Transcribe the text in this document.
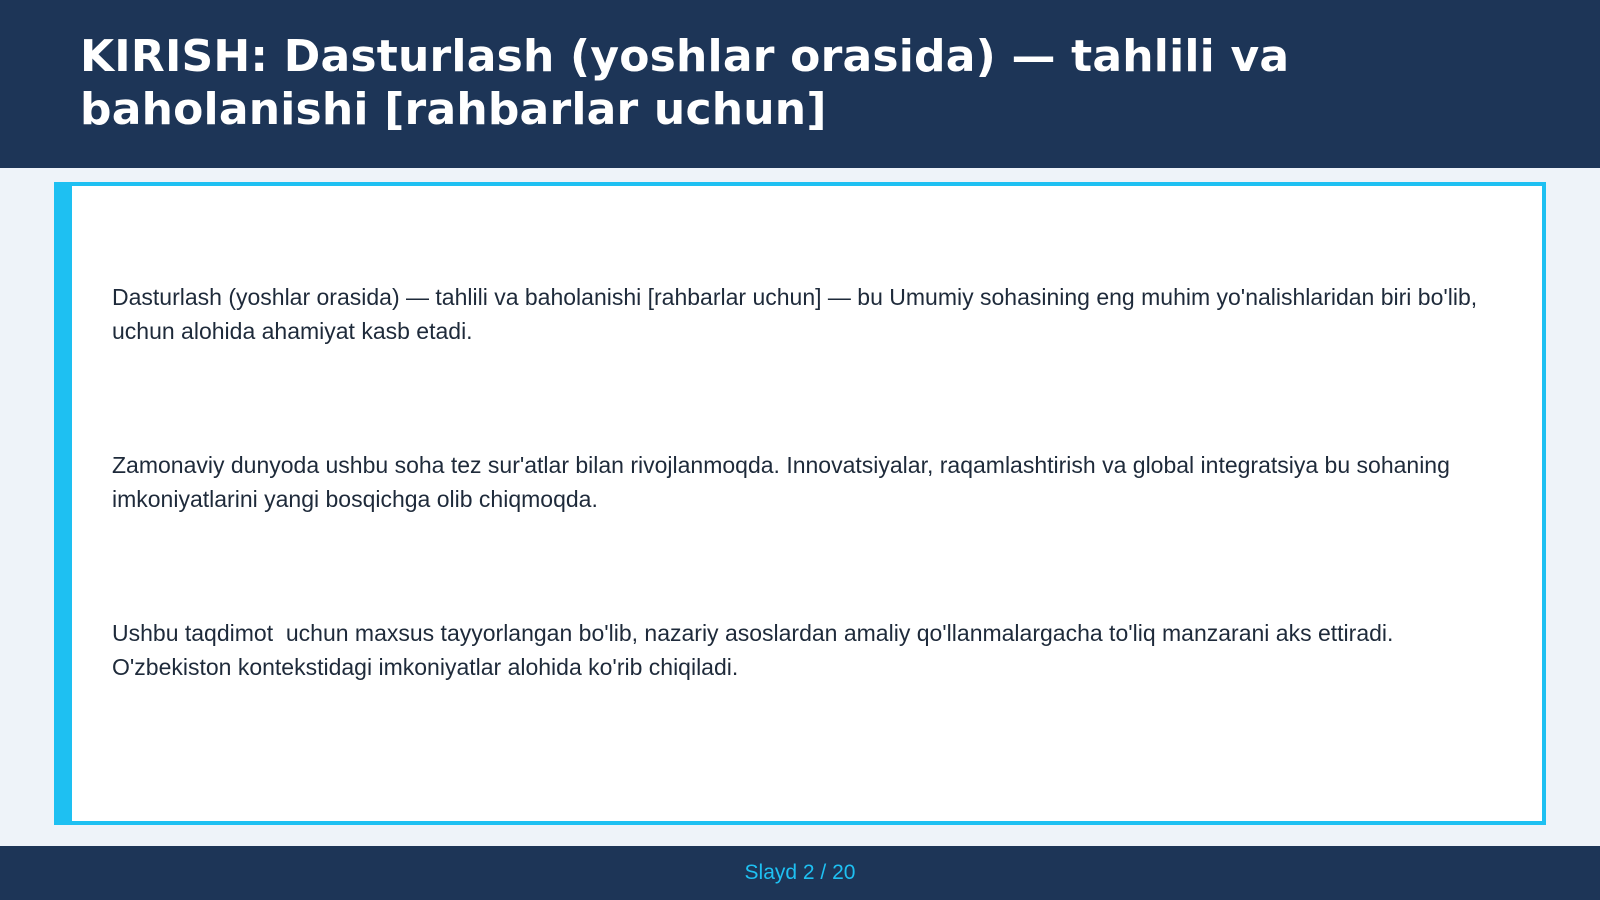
KIRISH: Dasturlash (yoshlar orasida) — tahlili va baholanishi [rahbarlar uchun]

Dasturlash (yoshlar orasida) — tahlili va baholanishi [rahbarlar uchun] — bu Umumiy sohasining eng muhim yo'nalishlaridan biri bo'lib,  uchun alohida ahamiyat kasb etadi.

Zamonaviy dunyoda ushbu soha tez sur'atlar bilan rivojlanmoqda. Innovatsiyalar, raqamlashtirish va global integratsiya bu sohaning imkoniyatlarini yangi bosqichga olib chiqmoqda.

Ushbu taqdimot  uchun maxsus tayyorlangan bo'lib, nazariy asoslardan amaliy qo'llanmalargacha to'liq manzarani aks ettiradi. O'zbekiston kontekstidagi imkoniyatlar alohida ko'rib chiqiladi.

Slayd 2 / 20
